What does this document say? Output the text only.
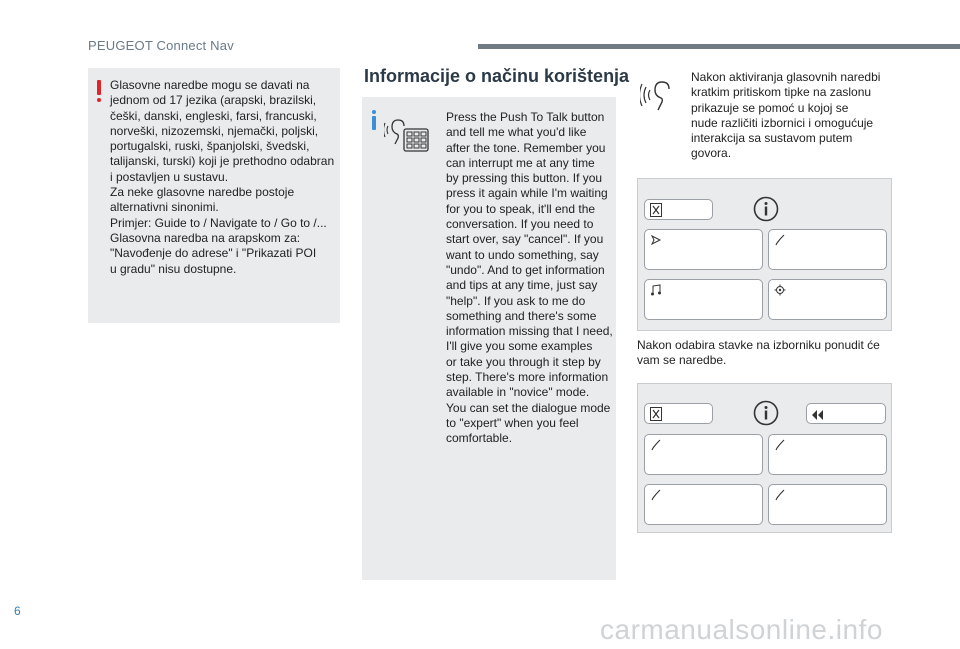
PEUGEOT Connect Nav

Glasovne naredbe mogu se davati na
jednom od 17 jezika (arapski, brazilski,
češki, danski, engleski, farsi, francuski,
norveški, nizozemski, njemački, poljski,
portugalski, ruski, španjolski, švedski,
talijanski, turski) koji je prethodno odabran
i postavljen u sustavu.
Za neke glasovne naredbe postoje
alternativni sinonimi.
Primjer: Guide to / Navigate to / Go to /...
Glasovna naredba na arapskom za:
"Navođenje do adrese" i "Prikazati POI
u gradu" nisu dostupne.

Informacije o načinu korištenja

Press the Push To Talk button
and tell me what you'd like
after the tone. Remember you
can interrupt me at any time
by pressing this button. If you
press it again while I'm waiting
for you to speak, it'll end the
conversation. If you need to
start over, say "cancel". If you
want to undo something, say
"undo". And to get information
and tips at any time, just say
"help". If you ask to me do
something and there's some
information missing that I need,
I'll give you some examples
or take you through it step by
step. There's more information
available in "novice" mode.
You can set the dialogue mode
to "expert" when you feel
comfortable.

Nakon aktiviranja glasovnih naredbi
kratkim pritiskom tipke na zaslonu
prikazuje se pomoć u kojoj se
nude različiti izbornici i omogućuje
interakcija sa sustavom putem
govora.

Nakon odabira stavke na izborniku ponudit će
vam se naredbe.

6
carmanualsonline.info
